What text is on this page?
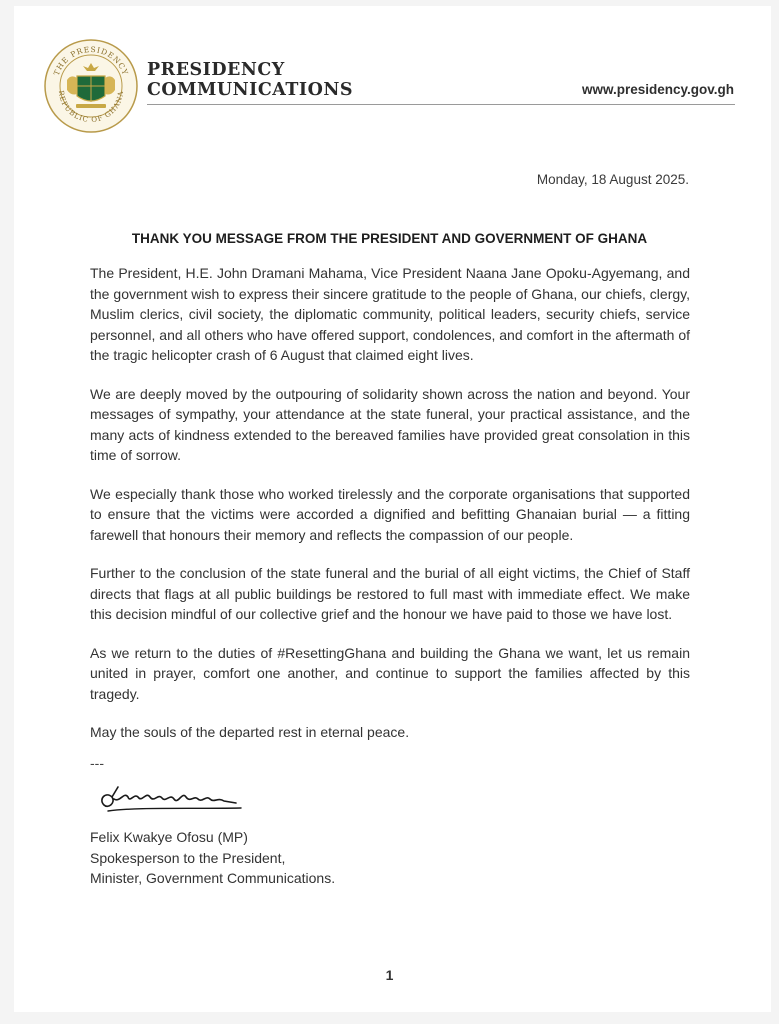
THE PRESIDENCY
REPUBLIC OF GHANA
PRESIDENCY
COMMUNICATIONS	www.presidency.gov.gh
Monday, 18 August 2025.
THANK YOU MESSAGE FROM THE PRESIDENT AND GOVERNMENT OF GHANA

The President, H.E. John Dramani Mahama, Vice President Naana Jane Opoku-Agyemang, and the government wish to express their sincere gratitude to the people of Ghana, our chiefs, clergy, Muslim clerics, civil society, the diplomatic community, political leaders, security chiefs, service personnel, and all others who have offered support, condolences, and comfort in the aftermath of the tragic helicopter crash of 6 August that claimed eight lives.

We are deeply moved by the outpouring of solidarity shown across the nation and beyond. Your messages of sympathy, your attendance at the state funeral, your practical assistance, and the many acts of kindness extended to the bereaved families have provided great consolation in this time of sorrow.

We especially thank those who worked tirelessly and the corporate organisations that supported to ensure that the victims were accorded a dignified and befitting Ghanaian burial — a fitting farewell that honours their memory and reflects the compassion of our people.

Further to the conclusion of the state funeral and the burial of all eight victims, the Chief of Staff directs that flags at all public buildings be restored to full mast with immediate effect. We make this decision mindful of our collective grief and the honour we have paid to those we have lost.

As we return to the duties of #ResettingGhana and building the Ghana we want, let us remain united in prayer, comfort one another, and continue to support the families affected by this tragedy.

May the souls of the departed rest in eternal peace.

---
Felix Kwakye Ofosu (MP)
Spokesperson to the President,
Minister, Government Communications.
1
